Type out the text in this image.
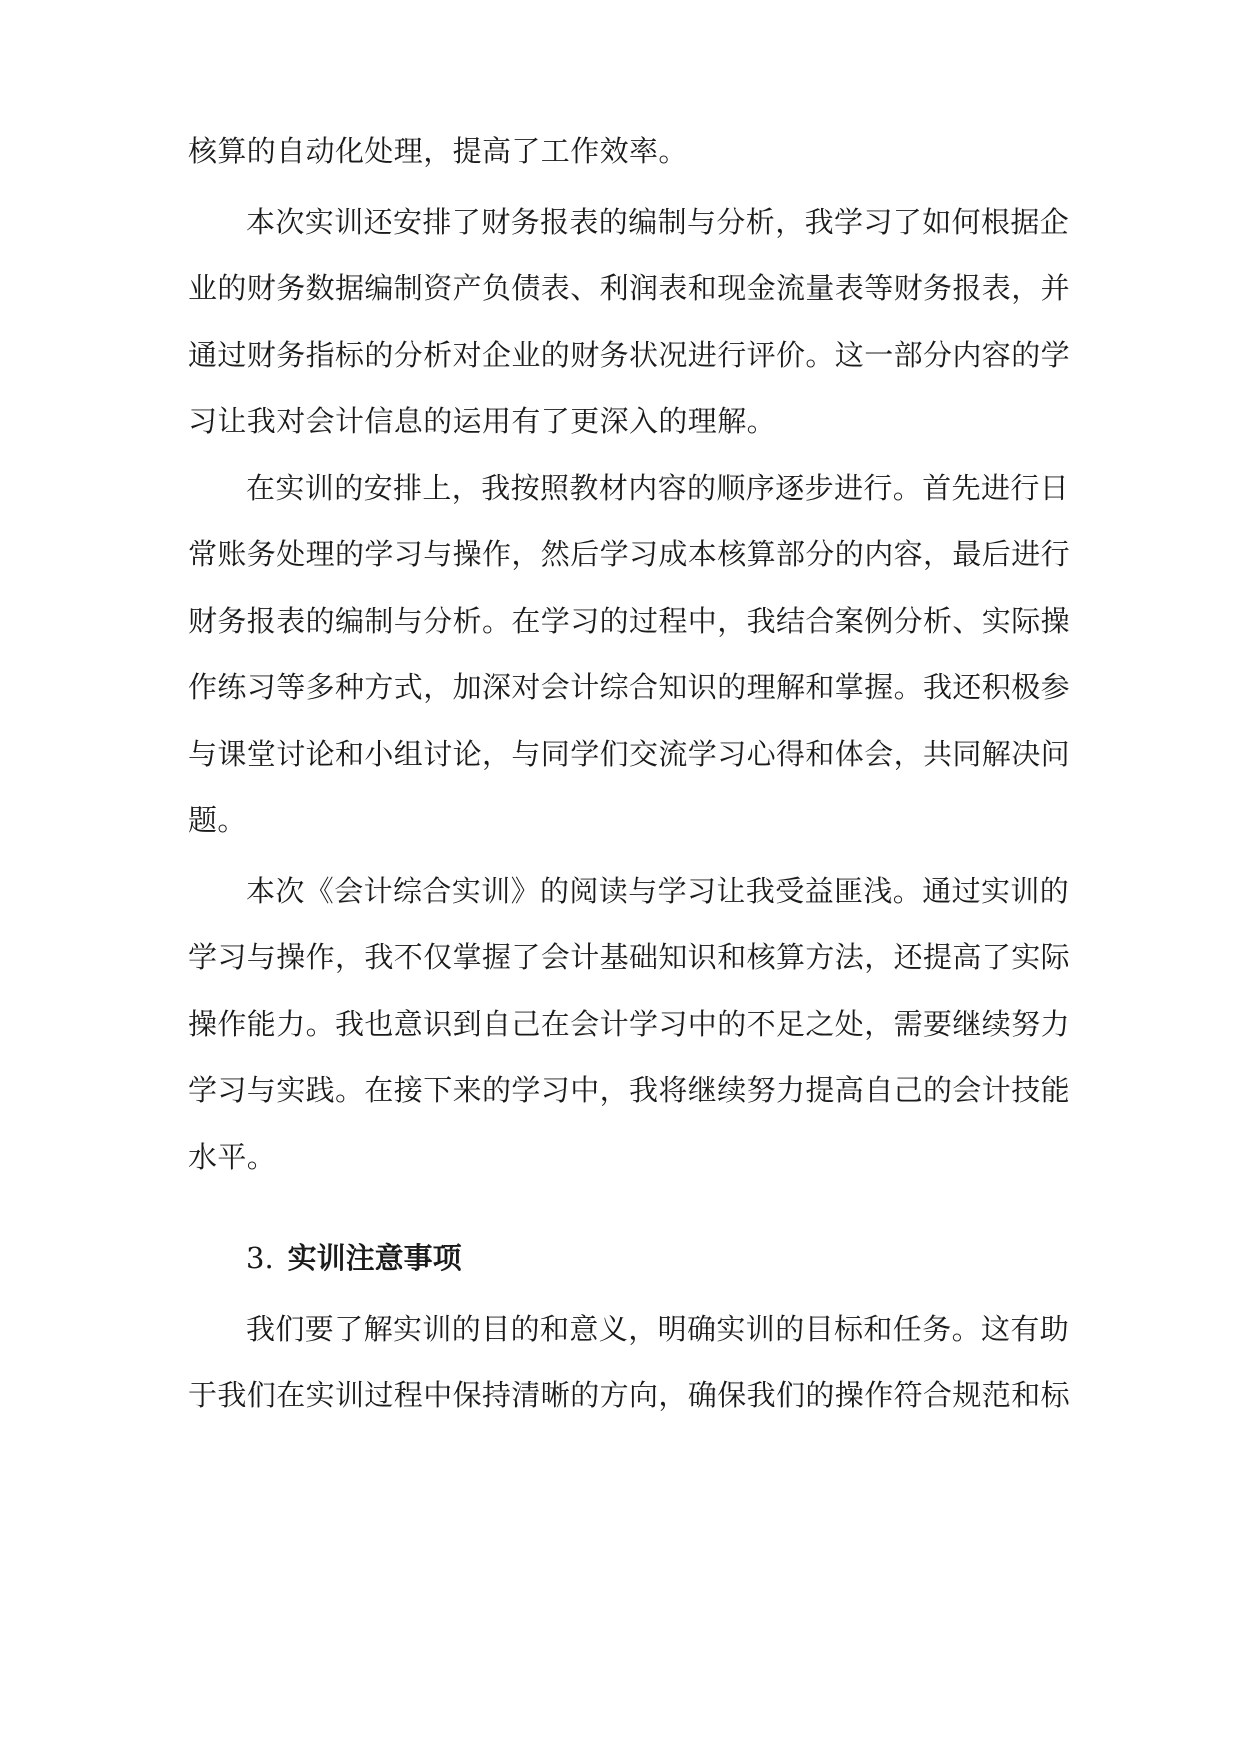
核算的自动化处理，提高了工作效率。
本次实训还安排了财务报表的编制与分析，我学习了如何根据企
业的财务数据编制资产负债表、利润表和现金流量表等财务报表，并
通过财务指标的分析对企业的财务状况进行评价。这一部分内容的学
习让我对会计信息的运用有了更深入的理解。
在实训的安排上，我按照教材内容的顺序逐步进行。首先进行日
常账务处理的学习与操作，然后学习成本核算部分的内容，最后进行
财务报表的编制与分析。在学习的过程中，我结合案例分析、实际操
作练习等多种方式，加深对会计综合知识的理解和掌握。我还积极参
与课堂讨论和小组讨论，与同学们交流学习心得和体会，共同解决问
题。
本次《会计综合实训》的阅读与学习让我受益匪浅。通过实训的
学习与操作，我不仅掌握了会计基础知识和核算方法，还提高了实际
操作能力。我也意识到自己在会计学习中的不足之处，需要继续努力
学习与实践。在接下来的学习中，我将继续努力提高自己的会计技能
水平。
3. 实训注意事项
我们要了解实训的目的和意义，明确实训的目标和任务。这有助
于我们在实训过程中保持清晰的方向，确保我们的操作符合规范和标
